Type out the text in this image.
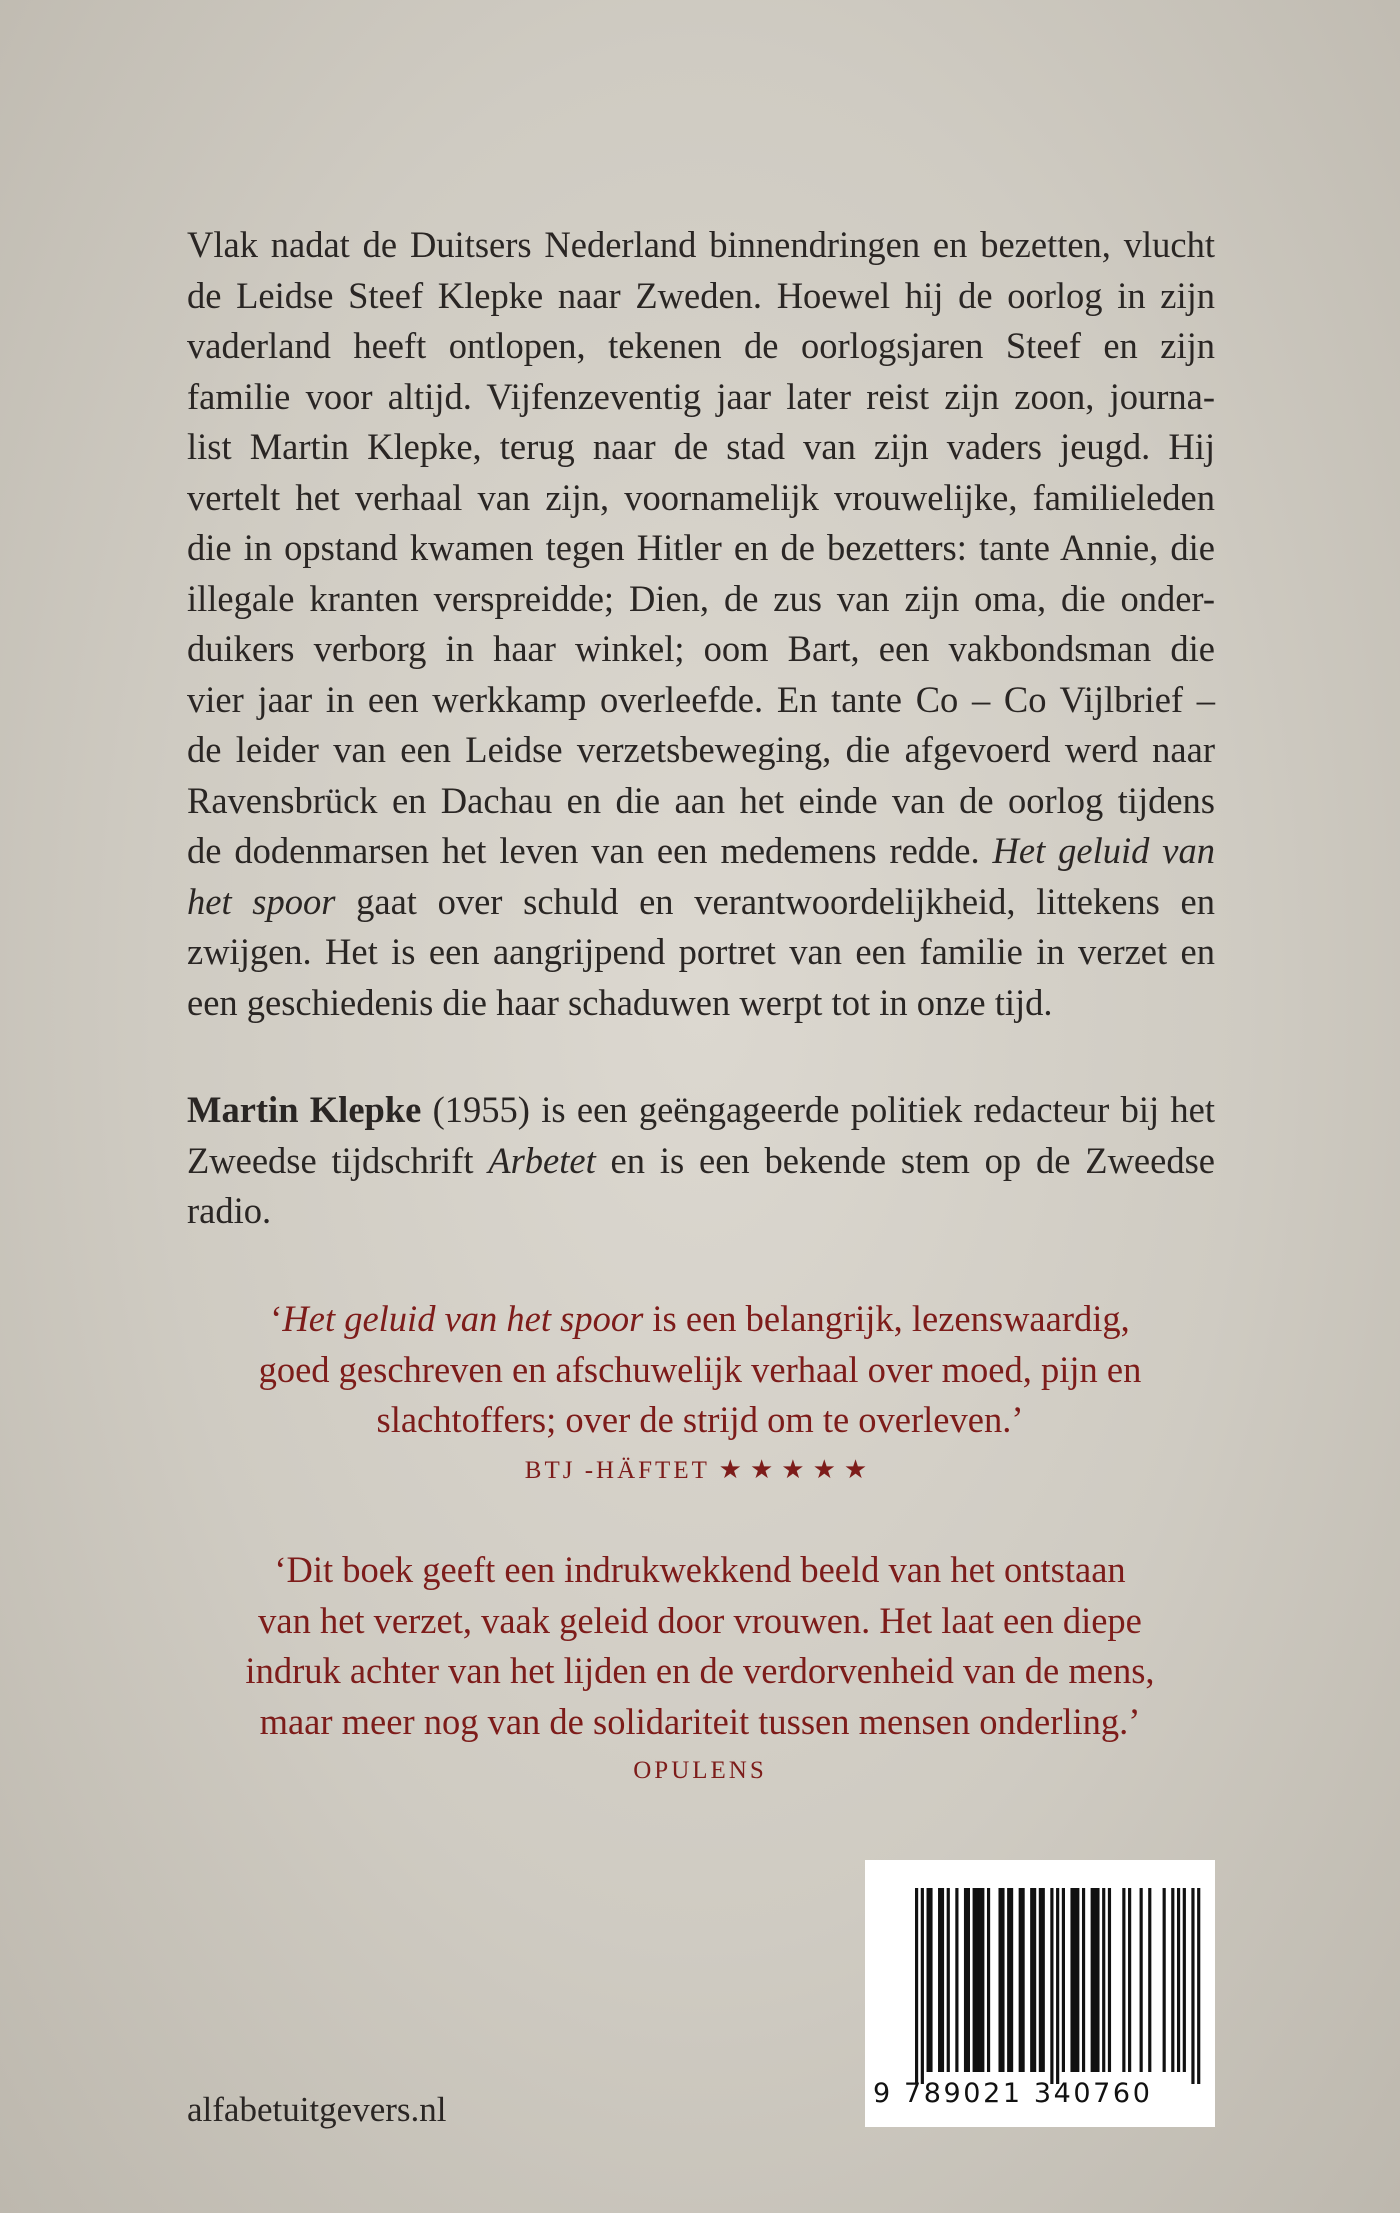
Vlak nadat de Duitsers Nederland binnendringen en bezetten, vlucht
de Leidse Steef Klepke naar Zweden. Hoewel hij de oorlog in zijn
vaderland heeft ontlopen, tekenen de oorlogsjaren Steef en zijn
familie voor altijd. Vijfenzeventig jaar later reist zijn zoon, journa-
list Martin Klepke, terug naar de stad van zijn vaders jeugd. Hij
vertelt het verhaal van zijn, voornamelijk vrouwelijke, familieleden
die in opstand kwamen tegen Hitler en de bezetters: tante Annie, die
illegale kranten verspreidde; Dien, de zus van zijn oma, die onder-
duikers verborg in haar winkel; oom Bart, een vakbondsman die
vier jaar in een werkkamp overleefde. En tante Co – Co Vijlbrief –
de leider van een Leidse verzetsbeweging, die afgevoerd werd naar
Ravensbrück en Dachau en die aan het einde van de oorlog tijdens
de dodenmarsen het leven van een medemens redde. Het geluid van
het spoor gaat over schuld en verantwoordelijkheid, littekens en
zwijgen. Het is een aangrijpend portret van een familie in verzet en
een geschiedenis die haar schaduwen werpt tot in onze tijd.
Martin Klepke (1955) is een geëngageerde politiek redacteur bij het
Zweedse tijdschrift Arbetet en is een bekende stem op de Zweedse
radio.
‘Het geluid van het spoor is een belangrijk, lezenswaardig,
goed geschreven en afschuwelijk verhaal over moed, pijn en
slachtoffers; over de strijd om te overleven.’
BTJ -HÄFTET ★★★★★
‘Dit boek geeft een indrukwekkend beeld van het ontstaan
van het verzet, vaak geleid door vrouwen. Het laat een diepe
indruk achter van het lijden en de verdorvenheid van de mens,
maar meer nog van de solidariteit tussen mensen onderling.’
OPULENS
alfabetuitgevers.nl	9 789021 340760
